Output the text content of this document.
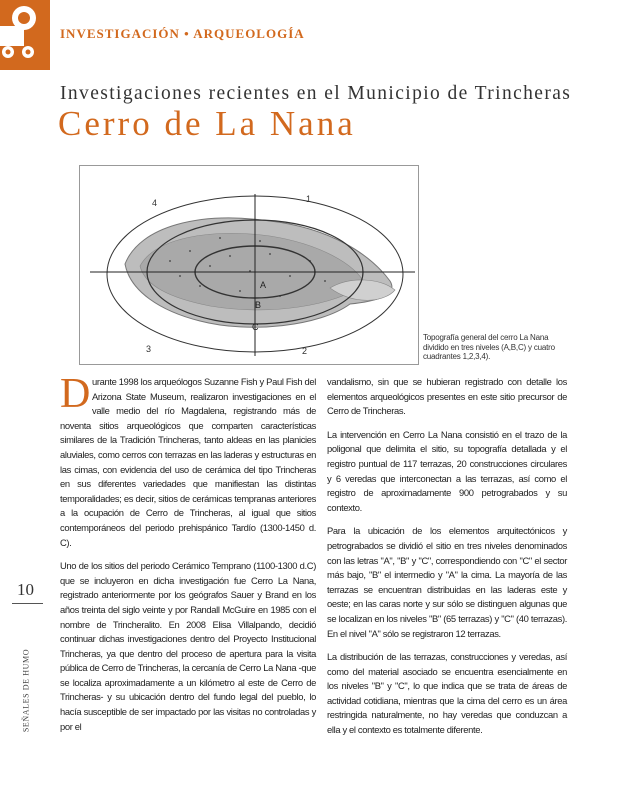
INVESTIGACIÓN • ARQUEOLOGÍA
Investigaciones recientes en el Municipio de Trincheras
Cerro de La Nana
4	1
3	2
A
B
C
Topografía general del cerro La Nana dividido en tres niveles (A,B,C) y cuatro cuadrantes 1,2,3,4).

Durante 1998 los arqueólogos Suzanne Fish y Paul Fish del Arizona State Museum, realizaron investigaciones en el valle medio del río Magdalena, registrando más de noventa sitios arqueológicos que comparten características similares de la Tradición Trincheras, tanto aldeas en las planicies aluviales, como cerros con terrazas en las laderas y estructuras en las cimas, con evidencia del uso de cerámica del tipo Trincheras en sus diferentes variedades que manifiestan las distintas temporalidades; es decir, sitios de cerámicas tempranas anteriores a la ocupación de Cerro de Trincheras, al igual que sitios contemporáneos del periodo prehispánico Tardío (1300-1450 d. C).

Uno de los sitios del periodo Cerámico Temprano (1100-1300 d.C) que se incluyeron en dicha investigación fue Cerro La Nana, registrado anteriormente por los geógrafos Sauer y Brand en los años treinta del siglo veinte y por Randall McGuire en 1985 con el nombre de Trincheralito. En 2008 Elisa Villalpando, decidió continuar dichas investigaciones dentro del Proyecto Institucional Trincheras, ya que dentro del proceso de apertura para la visita pública de Cerro de Trincheras, la cercanía de Cerro La Nana -que se localiza aproximadamente a un kilómetro al este de Cerro de Trincheras- y su ubicación dentro del fundo legal del pueblo, lo hacía susceptible de ser impactado por las visitas no controladas y por el

vandalismo, sin que se hubieran registrado con detalle los elementos arqueológicos presentes en este sitio precursor de Cerro de Trincheras.

La intervención en Cerro La Nana consistió en el trazo de la poligonal que delimita el sitio, su topografía detallada y el registro puntual de 117 terrazas, 20 construcciones circulares y 6 veredas que interconectan a las terrazas, así como el registro de aproximadamente 900 petrograbados y su contexto.

Para la ubicación de los elementos arquitectónicos y petrograbados se dividió el sitio en tres niveles denominados con las letras "A", "B" y "C", correspondiendo con "C" el sector más bajo, "B" el intermedio y "A" la cima. La mayoría de las terrazas se encuentran distribuidas en las laderas este y oeste; en las caras norte y sur sólo se distinguen algunas que se localizan en los niveles "B" (65 terrazas) y "C" (40 terrazas). En el nivel "A" sólo se registraron 12 terrazas.

La distribución de las terrazas, construcciones y veredas, así como del material asociado se encuentra esencialmente en los niveles "B" y "C", lo que indica que se trata de áreas de actividad cotidiana, mientras que la cima del cerro es un área restringida naturalmente, no hay veredas que conduzcan a ella y el contexto es totalmente diferente.

10
SEÑALES DE HUMO
